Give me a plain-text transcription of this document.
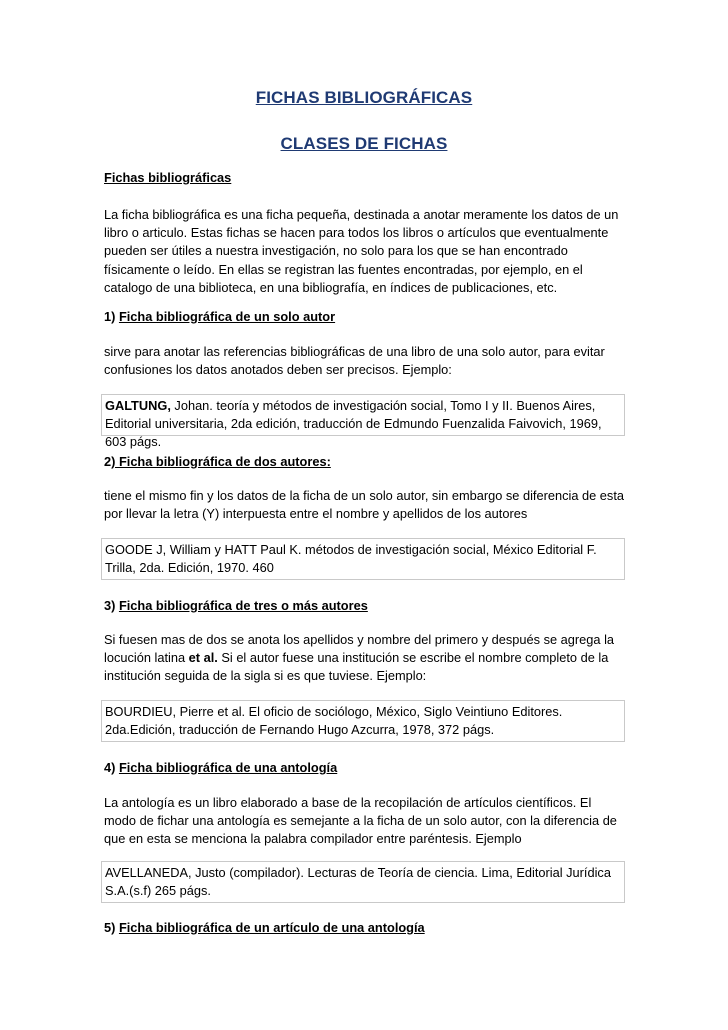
FICHAS BIBLIOGRÁFICAS
CLASES DE FICHAS
Fichas bibliográficas
La ficha bibliográfica es una ficha pequeña, destinada a anotar meramente los datos de un libro o articulo. Estas fichas se hacen para todos los libros o artículos que eventualmente pueden ser útiles a nuestra investigación, no solo para los que se han encontrado físicamente o leído. En ellas se registran las fuentes encontradas, por ejemplo, en el catalogo de una biblioteca, en una bibliografía, en índices de publicaciones, etc.
1) Ficha bibliográfica de un solo autor
sirve para anotar las referencias bibliográficas de una libro de una solo autor, para evitar confusiones los datos anotados deben ser precisos. Ejemplo:
GALTUNG, Johan. teoría y métodos de investigación social, Tomo I y II. Buenos Aires, Editorial universitaria, 2da edición, traducción de Edmundo Fuenzalida Faivovich, 1969, 603 págs.
2) Ficha bibliográfica de dos autores:
tiene el mismo fin y los datos de la ficha de un solo autor, sin embargo se diferencia de esta por llevar la letra (Y) interpuesta entre el nombre y apellidos de los autores
GOODE J, William y HATT Paul K. métodos de investigación social, México Editorial F. Trilla, 2da. Edición, 1970. 460
3) Ficha bibliográfica de tres o más autores
Si fuesen mas de dos se anota los apellidos y nombre del primero y después se agrega la locución latina et al. Si el autor fuese una institución se escribe el nombre completo de la institución seguida de la sigla si es que tuviese. Ejemplo:
BOURDIEU, Pierre et al. El oficio de sociólogo, México, Siglo Veintiuno Editores. 2da.Edición, traducción de Fernando Hugo Azcurra, 1978, 372 págs.
4) Ficha bibliográfica de una antología
La antología es un libro elaborado a base de la recopilación de artículos científicos. El modo de fichar una antología es semejante a la ficha de un solo autor, con la diferencia de que en esta se menciona la palabra compilador entre paréntesis. Ejemplo
AVELLANEDA, Justo (compilador). Lecturas de Teoría de ciencia. Lima, Editorial Jurídica S.A.(s.f) 265 págs.
5) Ficha bibliográfica de un artículo de una antología
